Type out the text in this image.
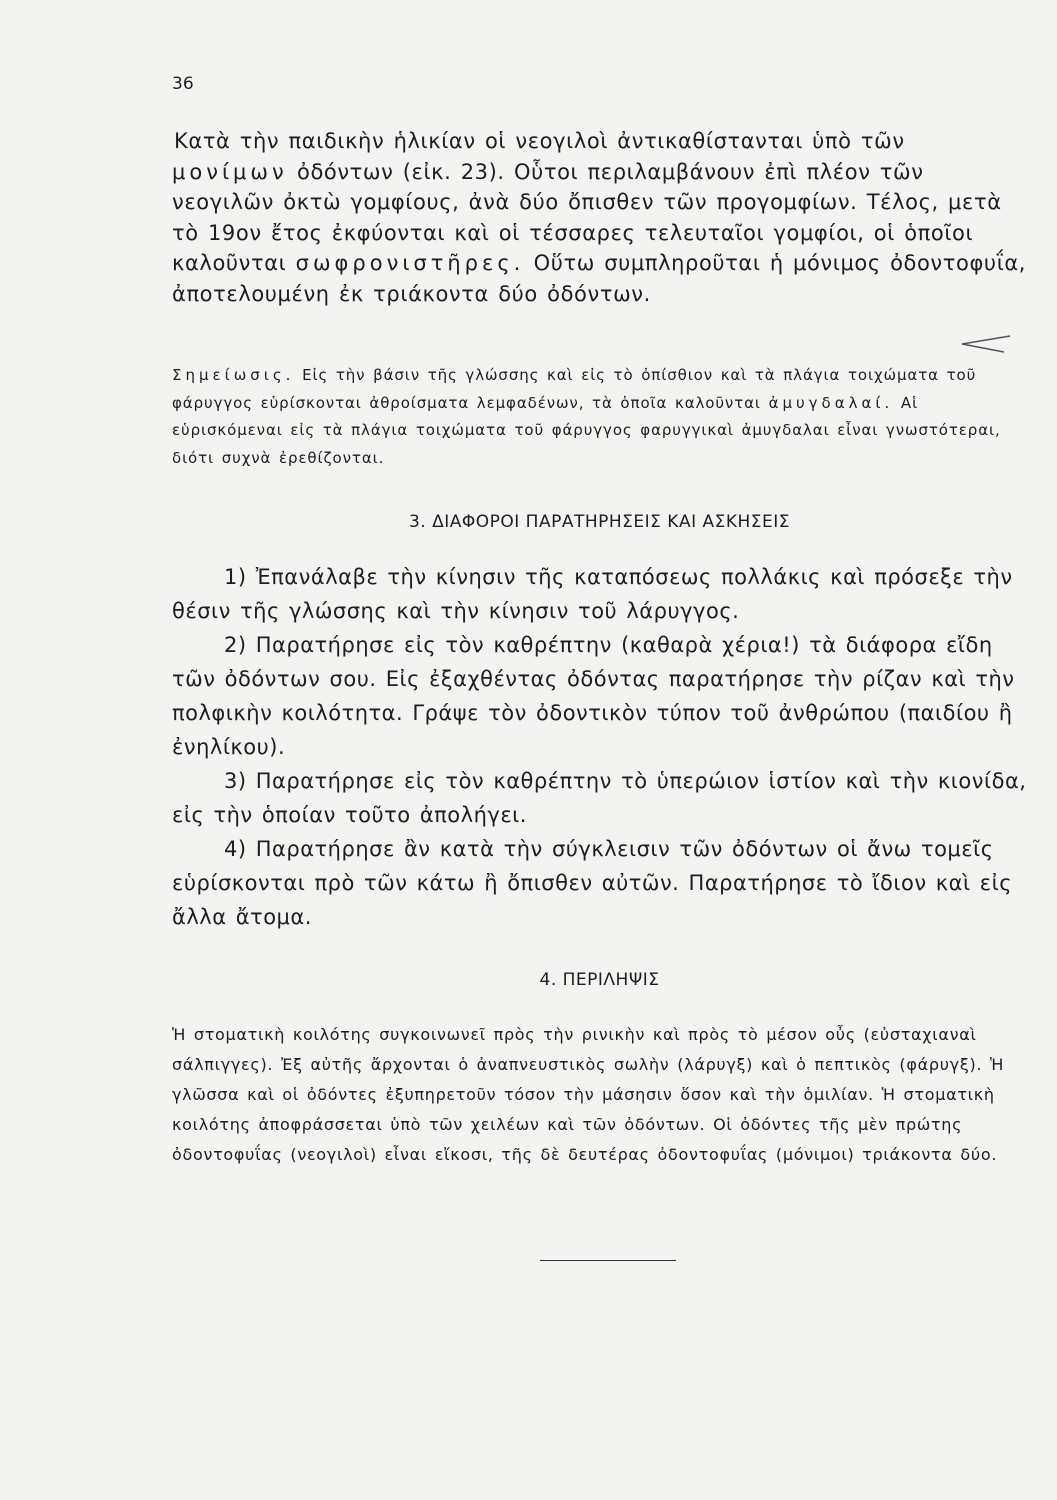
36

Κατὰ τὴν παιδικὴν ἡλικίαν οἱ νεογιλοὶ ἀντικαθίστανται ὑπὸ τῶν μονίμων ὀδόντων (εἰκ. 23). Οὗτοι περιλαμβάνουν ἐπὶ πλέον τῶν νεογιλῶν ὀκτὼ γομφίους, ἀνὰ δύο ὄπισθεν τῶν προγομφίων. Τέλος, μετὰ τὸ 19ον ἔτος ἐκφύονται καὶ οἱ τέσσαρες τελευταῖοι γομφίοι, οἱ ὁποῖοι καλοῦνται σωφρονιστῆρες. Οὕτω συμπληροῦται ἡ μόνιμος ὀδοντοφυΐα, ἀποτελουμένη ἐκ τριάκοντα δύο ὀδόντων.

Σημείωσις. Εἰς τὴν βάσιν τῆς γλώσσης καὶ εἰς τὸ ὀπίσθιον καὶ τὰ πλάγια τοιχώματα τοῦ φάρυγγος εὑρίσκονται ἀθροίσματα λεμφαδένων, τὰ ὁποῖα καλοῦνται ἀμυγδαλαί. Αἱ εὑρισκόμεναι εἰς τὰ πλάγια τοιχώματα τοῦ φάρυγγος φαρυγγικαὶ ἀμυγδαλαι εἶναι γνωστότεραι, διότι συχνὰ ἐρεθίζονται.

3. ΔΙΑΦΟΡΟΙ ΠΑΡΑΤΗΡΗΣΕΙΣ ΚΑΙ ΑΣΚΗΣΕΙΣ

1) Ἐπανάλαβε τὴν κίνησιν τῆς καταπόσεως πολλάκις καὶ πρόσεξε τὴν θέσιν τῆς γλώσσης καὶ τὴν κίνησιν τοῦ λάρυγγος.

2) Παρατήρησε εἰς τὸν καθρέπτην (καθαρὰ χέρια!) τὰ διάφορα εἴδη τῶν ὀδόντων σου. Εἰς ἐξαχθέντας ὀδόντας παρατήρησε τὴν ρίζαν καὶ τὴν πολφικὴν κοιλότητα. Γράψε τὸν ὀδοντικὸν τύπον τοῦ ἀνθρώπου (παιδίου ἢ ἐνηλίκου).

3) Παρατήρησε εἰς τὸν καθρέπτην τὸ ὑπερώιον ἱστίον καὶ τὴν κιονίδα, εἰς τὴν ὁποίαν τοῦτο ἀπολήγει.

4) Παρατήρησε ἂν κατὰ τὴν σύγκλεισιν τῶν ὀδόντων οἱ ἄνω τομεῖς εὑρίσκονται πρὸ τῶν κάτω ἢ ὄπισθεν αὐτῶν. Παρατήρησε τὸ ἴδιον καὶ εἰς ἄλλα ἄτομα.

4. ΠΕΡΙΛΗΨΙΣ

Ἡ στοματικὴ κοιλότης συγκοινωνεῖ πρὸς τὴν ρινικὴν καὶ πρὸς τὸ μέσον οὖς (εὐσταχιαναὶ σάλπιγγες). Ἐξ αὐτῆς ἄρχονται ὁ ἀναπνευστικὸς σωλὴν (λάρυγξ) καὶ ὁ πεπτικὸς (φάρυγξ). Ἡ γλῶσσα καὶ οἱ ὀδόντες ἐξυπηρετοῦν τόσον τὴν μάσησιν ὅσον καὶ τὴν ὁμιλίαν. Ἡ στοματικὴ κοιλότης ἀποφράσσεται ὑπὸ τῶν χειλέων καὶ τῶν ὀδόντων. Οἱ ὀδόντες τῆς μὲν πρώτης ὀδοντοφυΐας (νεογιλοὶ) εἶναι εἴκοσι, τῆς δὲ δευτέρας ὀδοντοφυΐας (μόνιμοι) τριάκοντα δύο.
